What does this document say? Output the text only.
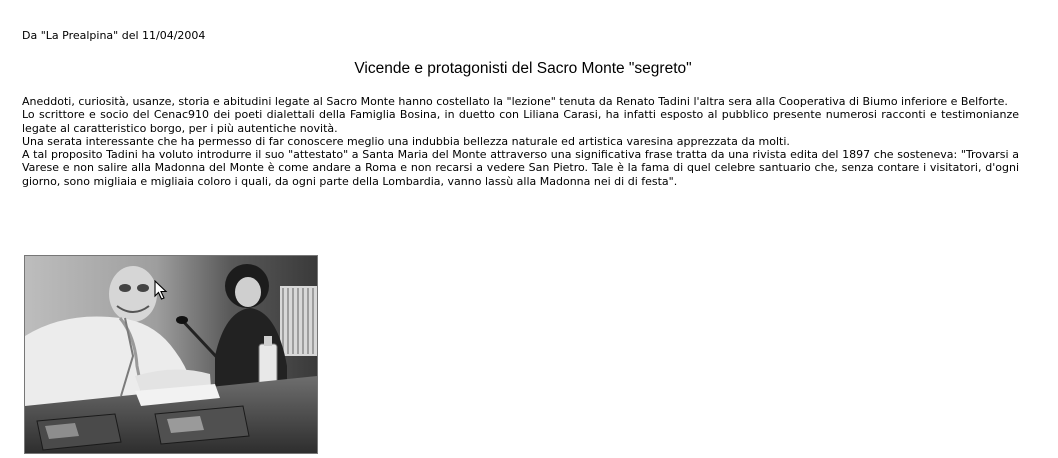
Da "La Prealpina" del 11/04/2004
Vicende e protagonisti del Sacro Monte "segreto"

Aneddoti, curiosità, usanze, storia e abitudini legate al Sacro Monte hanno costellato la "lezione" tenuta da Renato Tadini l'altra sera alla Cooperativa di Biumo inferiore e Belforte.

Lo scrittore e socio del Cenac910 dei poeti dialettali della Famiglia Bosina, in duetto con Liliana Carasi, ha infatti esposto al pubblico presente numerosi racconti e testimonianze legate al caratteristico borgo, per i più autentiche novità.

Una serata interessante che ha permesso di far conoscere meglio una indubbia bellezza naturale ed artistica varesina apprezzata da molti.

A tal proposito Tadini ha voluto introdurre il suo "attestato" a Santa Maria del Monte attraverso una significativa frase tratta da una rivista edita del 1897 che sosteneva: "Trovarsi a Varese e non salire alla Madonna del Monte è come andare a Roma e non recarsi a vedere San Pietro. Tale è la fama di quel celebre santuario che, senza contare i visitatori, d'ogni giorno, sono migliaia e migliaia coloro i quali, da ogni parte della Lombardia, vanno lassù alla Madonna nei di di festa".
